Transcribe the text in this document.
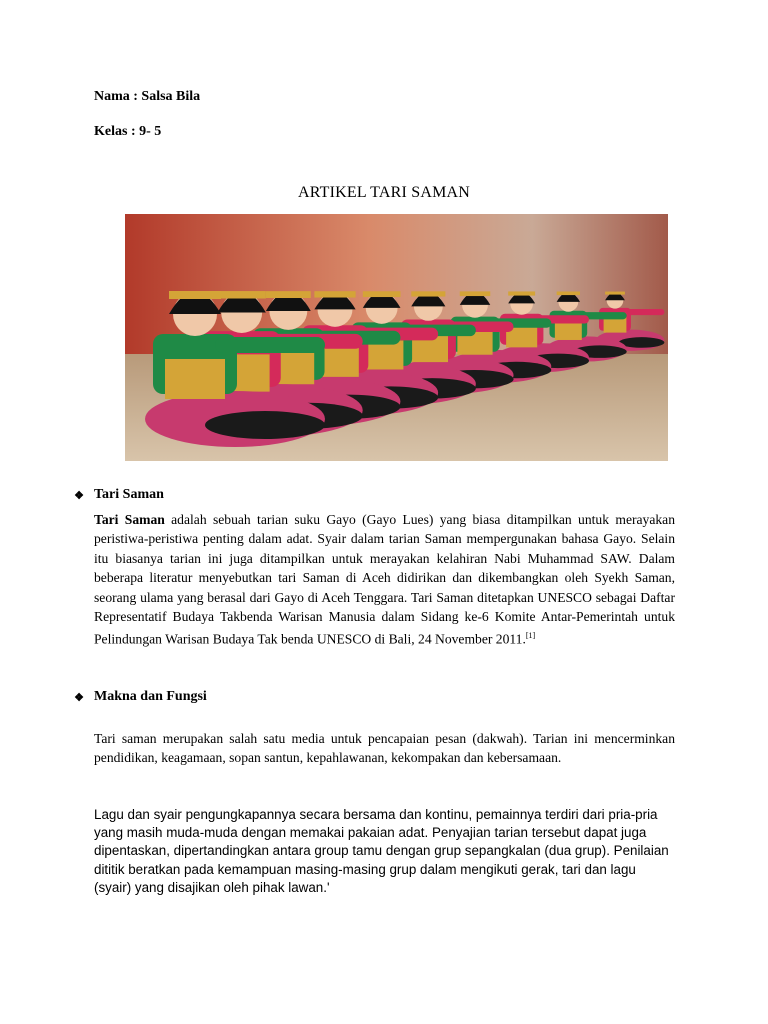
Nama : Salsa Bila
Kelas : 9- 5
ARTIKEL TARI SAMAN
❖ Tari Saman
Tari Saman adalah sebuah tarian suku Gayo (Gayo Lues) yang biasa ditampilkan untuk merayakan peristiwa-peristiwa penting dalam adat. Syair dalam tarian Saman mempergunakan bahasa Gayo. Selain itu biasanya tarian ini juga ditampilkan untuk merayakan kelahiran Nabi Muhammad SAW. Dalam beberapa literatur menyebutkan tari Saman di Aceh didirikan dan dikembangkan oleh Syekh Saman, seorang ulama yang berasal dari Gayo di Aceh Tenggara. Tari Saman ditetapkan UNESCO sebagai Daftar Representatif Budaya Takbenda Warisan Manusia dalam Sidang ke-6 Komite Antar-Pemerintah untuk Pelindungan Warisan Budaya Tak benda UNESCO di Bali, 24 November 2011.[1]
❖ Makna dan Fungsi
Tari saman merupakan salah satu media untuk pencapaian pesan (dakwah). Tarian ini mencerminkan pendidikan, keagamaan, sopan santun, kepahlawanan, kekompakan dan kebersamaan.
Lagu dan syair pengungkapannya secara bersama dan kontinu, pemainnya terdiri dari pria-pria yang masih muda-muda dengan memakai pakaian adat. Penyajian tarian tersebut dapat juga dipentaskan, dipertandingkan antara group tamu dengan grup sepangkalan (dua grup). Penilaian dititik beratkan pada kemampuan masing-masing grup dalam mengikuti gerak, tari dan lagu (syair) yang disajikan oleh pihak lawan.'
